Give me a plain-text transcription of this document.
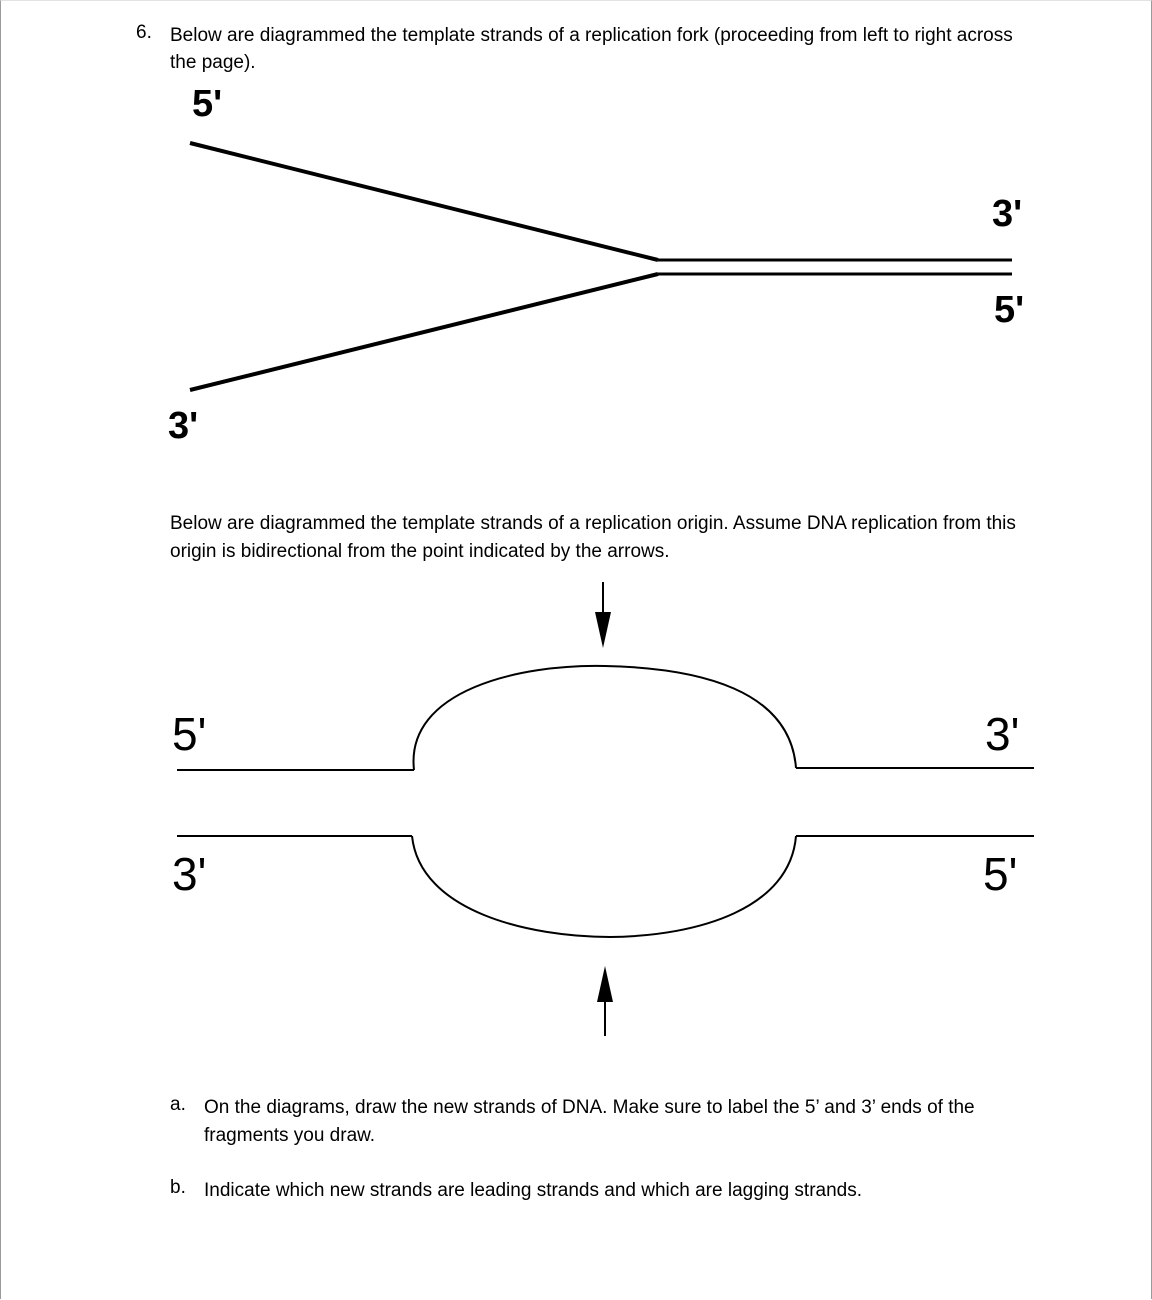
6. Below are diagrammed the template strands of a replication fork (proceeding from left to right across the page).
5'
3'
5'
3'
Below are diagrammed the template strands of a replication origin. Assume DNA replication from this origin is bidirectional from the point indicated by the arrows.
5'	3'
3'	5'
a. On the diagrams, draw the new strands of DNA. Make sure to label the 5’ and 3’ ends of the fragments you draw.
b. Indicate which new strands are leading strands and which are lagging strands.
